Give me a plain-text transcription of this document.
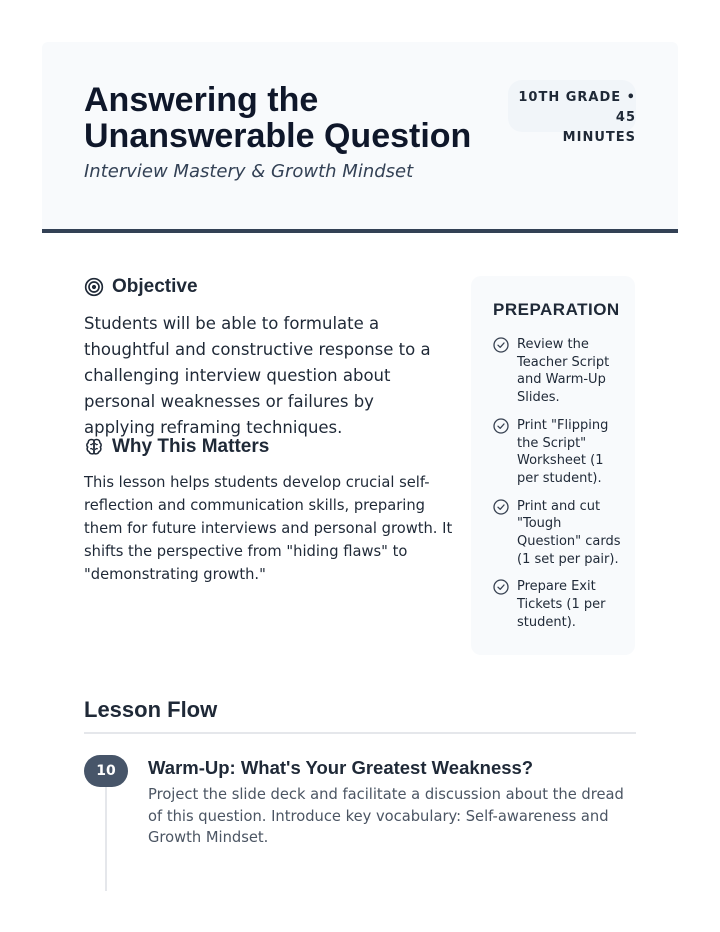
Answering the Unanswerable Question
Interview Mastery & Growth Mindset
10TH GRADE • 45
MINUTES
Objective
Students will be able to formulate a thoughtful and constructive response to a challenging interview question about personal weaknesses or failures by applying reframing techniques.
Why This Matters
This lesson helps students develop crucial self-reflection and communication skills, preparing them for future interviews and personal growth. It shifts the perspective from "hiding flaws" to "demonstrating growth."
PREPARATION
Review the Teacher Script and Warm-Up Slides.
Print "Flipping the Script" Worksheet (1 per student).
Print and cut "Tough Question" cards (1 set per pair).
Prepare Exit Tickets (1 per student).
Lesson Flow
10	Warm-Up: What's Your Greatest Weakness?
Project the slide deck and facilitate a discussion about the dread of this question. Introduce key vocabulary: Self-awareness and Growth Mindset.
